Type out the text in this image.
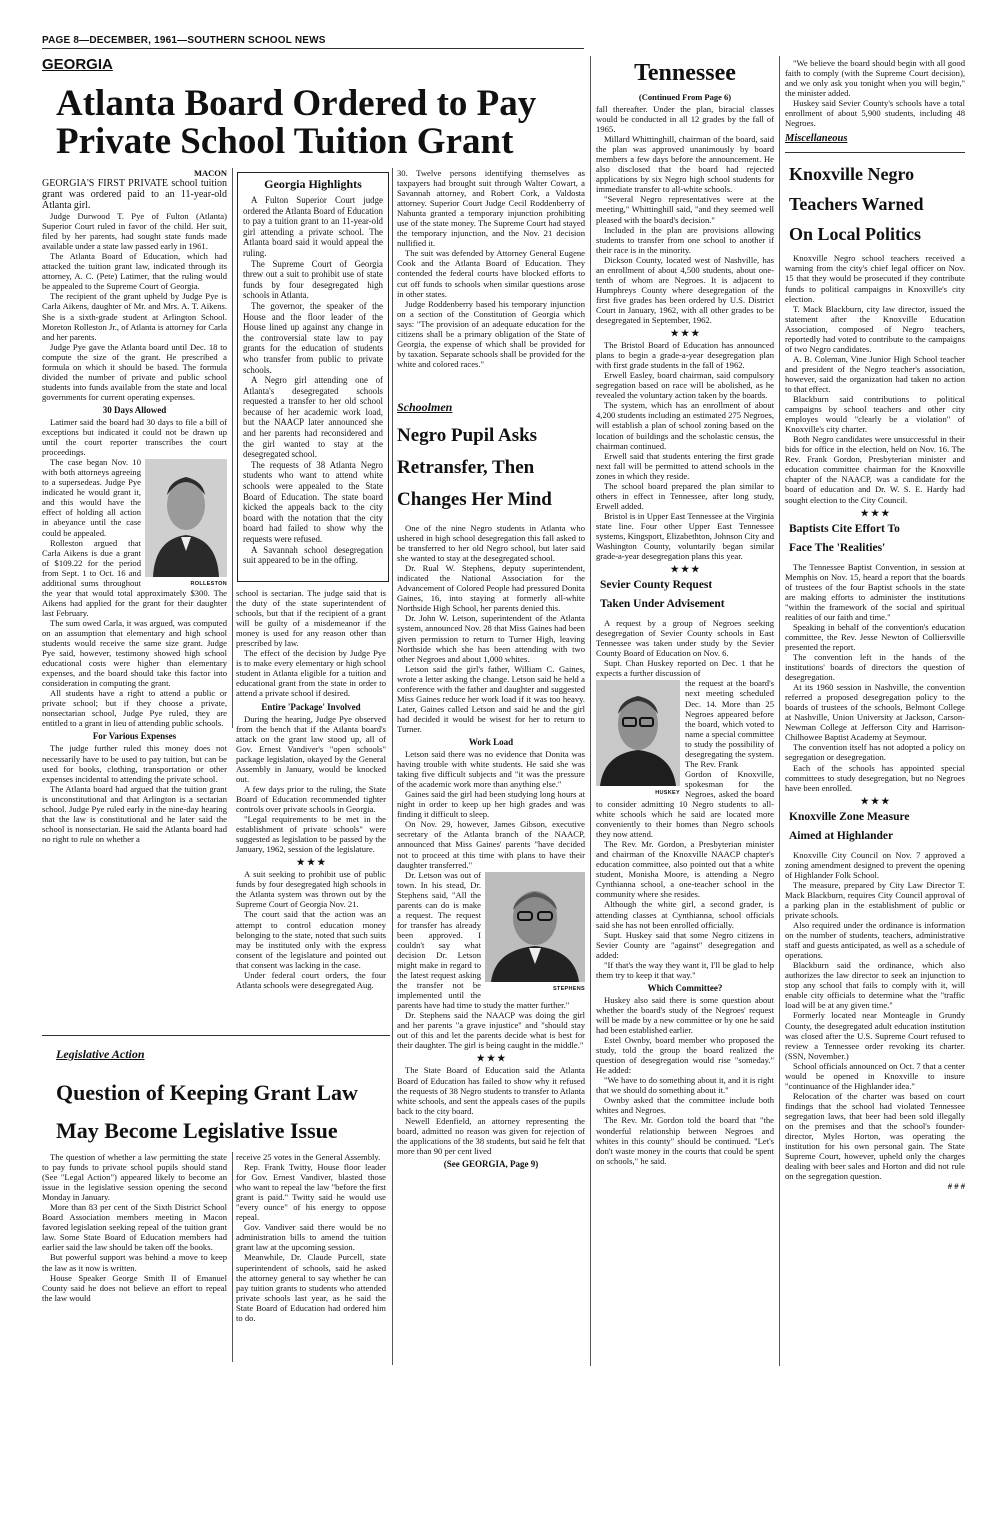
PAGE 8—DECEMBER, 1961—SOUTHERN SCHOOL NEWS
GEORGIA
Atlanta Board Ordered to Pay
Private School Tuition Grant
MACON

GEORGIA'S FIRST PRIVATE school tuition grant was ordered paid to an 11-year-old Atlanta girl.

Judge Durwood T. Pye of Fulton (Atlanta) Superior Court ruled in favor of the child. Her suit, filed by her parents, had sought state funds made available under a state law passed early in 1961.

The Atlanta Board of Education, which had attacked the tuition grant law, indicated through its attorney, A. C. (Pete) Latimer, that the ruling would be appealed to the Supreme Court of Georgia.

The recipient of the grant upheld by Judge Pye is Carla Aikens, daughter of Mr. and Mrs. A. T. Aikens. She is a sixth-grade student at Arlington School. Moreton Rolleston Jr., of Atlanta is attorney for Carla and her parents.

Judge Pye gave the Atlanta board until Dec. 18 to compute the size of the grant. He prescribed a formula on which it should be based. The formula divided the number of private and public school students into funds available from the state and local governments for current operating expenses.

30 Days Allowed

Latimer said the board had 30 days to file a bill of exceptions but indicated it could not be drawn up until the court reporter transcribes the court proceedings.

ROLLESTON

The case began Nov. 10 with both attorneys agreeing to a supersedeas. Judge Pye indicated he would grant it, and this would have the effect of holding all action in abeyance until the case could be appealed.

Rolleston argued that Carla Aikens is due a grant of $109.22 for the period from Sept. 1 to Oct. 16 and additional sums throughout the year that would total approximately $300. The Aikens had applied for the grant for their daughter last February.

The sum owed Carla, it was argued, was computed on an assumption that elementary and high school students would receive the same size grant. Judge Pye said, however, testimony showed high school educational costs were higher than elementary expenses, and the board should take this factor into consideration in computing the grant.

All students have a right to attend a public or private school; but if they choose a private, nonsectarian school, Judge Pye ruled, they are entitled to a grant in lieu of attending public schools.

For Various Expenses

The judge further ruled this money does not necessarily have to be used to pay tuition, but can be used for books, clothing, transportation or other expenses incidental to attending the private school.

The Atlanta board had argued that the tuition grant is unconstitutional and that Arlington is a sectarian school. Judge Pye ruled early in the nine-day hearing that the law is constitutional and he later said the school is nonsectarian. He said the Atlanta board had no right to rule on whether a

Georgia Highlights

A Fulton Superior Court judge ordered the Atlanta Board of Education to pay a tuition grant to an 11-year-old girl attending a private school. The Atlanta board said it would appeal the ruling.

The Supreme Court of Georgia threw out a suit to prohibit use of state funds by four desegregated high schools in Atlanta.

The governor, the speaker of the House and the floor leader of the House lined up against any change in the controversial state law to pay grants for the education of students who transfer from public to private schools.

A Negro girl attending one of Atlanta's desegregated schools requested a transfer to her old school because of her academic work load, but the NAACP later announced she and her parents had reconsidered and the girl wanted to stay at the desegregated school.

The requests of 38 Atlanta Negro students who want to attend white schools were appealed to the State Board of Education. The state board kicked the appeals back to the city board with the notation that the city board had failed to show why the requests were refused.

A Savannah school desegregation suit appeared to be in the offing.

school is sectarian. The judge said that is the duty of the state superintendent of schools, but that if the recipient of a grant will be guilty of a misdemeanor if the money is used for any reason other than prescribed by law.

The effect of the decision by Judge Pye is to make every elementary or high school student in Atlanta eligible for a tuition and educational grant from the state in order to attend a private school if desired.

Entire 'Package' Involved

During the hearing, Judge Pye observed from the bench that if the Atlanta board's attack on the grant law stood up, all of Gov. Ernest Vandiver's "open schools" package legislation, okayed by the General Assembly in January, would be knocked out.

A few days prior to the ruling, the State Board of Education recommended tighter controls over private schools in Georgia.

"Legal requirements to be met in the establishment of private schools" were suggested as legislation to be passed by the January, 1962, session of the legislature.

★ ★ ★

A suit seeking to prohibit use of public funds by four desegregated high schools in the Atlanta system was thrown out by the Supreme Court of Georgia Nov. 21.

The court said that the action was an attempt to control education money belonging to the state, noted that such suits may be instituted only with the express consent of the legislature and pointed out that consent was lacking in the case.

Under federal court orders, the four Atlanta schools were desegregated Aug.

30. Twelve persons identifying themselves as taxpayers had brought suit through Walter Cowart, a Savannah attorney, and Robert Cork, a Valdosta attorney. Superior Court Judge Cecil Roddenberry of Nahunta granted a temporary injunction prohibiting use of the state money. The Supreme Court had stayed the temporary injunction, and the Nov. 21 decision nullified it.

The suit was defended by Attorney General Eugene Cook and the Atlanta Board of Education. They contended the federal courts have blocked efforts to cut off funds to schools when similar questions arose in other states.

Judge Roddenberry based his temporary injunction on a section of the Constitution of Georgia which says: "The provision of an adequate education for the citizens shall be a primary obligation of the State of Georgia, the expense of which shall be provided for by taxation. Separate schools shall be provided for the white and colored races."

Schoolmen
Negro Pupil Asks
Retransfer, Then
Changes Her Mind

One of the nine Negro students in Atlanta who ushered in high school desegregation this fall asked to be transferred to her old Negro school, but later said she wanted to stay at the desegregated school.

Dr. Rual W. Stephens, deputy superintendent, indicated the National Association for the Advancement of Colored People had pressured Donita Gaines, 16, into staying at formerly all-white Northside High School, her parents denied this.

Dr. John W. Letson, superintendent of the Atlanta system, announced Nov. 28 that Miss Gaines had been given permission to return to Turner High, leaving Northside which she has been attending with two other Negroes and about 1,000 whites.

Letson said the girl's father, William C. Gaines, wrote a letter asking the change. Letson said he held a conference with the father and daughter and suggested Miss Gaines reduce her work load if it was too heavy. Later, Gaines called Letson and said he and the girl had decided it would be wisest for her to return to Turner.

Work Load

Letson said there was no evidence that Donita was having trouble with white students. He said she was taking five difficult subjects and "it was the pressure of the academic work more than anything else."

Gaines said the girl had been studying long hours at night in order to keep up her high grades and was finding it difficult to sleep.

On Nov. 29, however, James Gibson, executive secretary of the Atlanta branch of the NAACP, announced that Miss Gaines' parents "have decided not to proceed at this time with plans to have their daughter transferred."

STEPHENS

Dr. Letson was out of town. In his stead, Dr. Stephens said, "All the parents can do is make a request. The request for transfer has already been approved. I couldn't say what decision Dr. Letson might make in regard to the latest request asking the transfer not be implemented until the parents have had time to study the matter further."

Dr. Stephens said the NAACP was doing the girl and her parents "a grave injustice" and "should stay out of this and let the parents decide what is best for their daughter. The girl is being caught in the middle."

★ ★ ★

The State Board of Education said the Atlanta Board of Education has failed to show why it refused the requests of 38 Negro students to transfer to Atlanta white schools, and sent the appeals cases of the pupils back to the city board.

Newell Edenfield, an attorney representing the board, admitted no reason was given for rejection of the applications of the 38 students, but said he felt that more than 90 per cent lived

(See GEORGIA, Page 9)
Legislative Action
Question of Keeping Grant Law
May Become Legislative Issue

The question of whether a law permitting the state to pay funds to private school pupils should stand (See "Legal Action") appeared likely to become an issue in the legislative session opening the second Monday in January.

More than 83 per cent of the Sixth District School Board Association members meeting in Macon favored legislation seeking repeal of the tuition grant law. Some State Board of Education members had earlier said the law should be taken off the books.

But powerful support was behind a move to keep the law as it now is written.

House Speaker George Smith II of Emanuel County said he does not believe an effort to repeal the law would

receive 25 votes in the General Assembly.

Rep. Frank Twitty, House floor leader for Gov. Ernest Vandiver, blasted those who want to repeal the law "before the first grant is paid." Twitty said he would use "every ounce" of his energy to oppose repeal.

Gov. Vandiver said there would be no administration bills to amend the tuition grant law at the upcoming session.

Meanwhile, Dr. Claude Purcell, state superintendent of schools, said he asked the attorney general to say whether he can pay tuition grants to students who attended private schools last year, as he said the State Board of Education had ordered him to do.

Tennessee
(Continued From Page 6)

fall thereafter. Under the plan, biracial classes would be conducted in all 12 grades by the fall of 1965.

Millard Whittinghill, chairman of the board, said the plan was approved unanimously by board members a few days before the announcement. He also disclosed that the board had rejected applications by six Negro high school students for immediate transfer to all-white schools.

"Several Negro representatives were at the meeting," Whittinghill said, "and they seemed well pleased with the board's decision."

Included in the plan are provisions allowing students to transfer from one school to another if their race is in the minority.

Dickson County, located west of Nashville, has an enrollment of about 4,500 students, about one-tenth of whom are Negroes. It is adjacent to Humphreys County where desegregation of the first five grades has been ordered by U.S. District Court in January, 1962, with all other grades to be desegregated in September, 1962.

★ ★ ★

The Bristol Board of Education has announced plans to begin a grade-a-year desegregation plan with first grade students in the fall of 1962.

Erwell Easley, board chairman, said compulsory segregation based on race will be abolished, as he revealed the voluntary action taken by the boards.

The system, which has an enrollment of about 4,200 students including an estimated 275 Negroes, will establish a plan of school zoning based on the location of buildings and the scholastic census, the chairman continued.

Erwell said that students entering the first grade next fall will be permitted to attend schools in the zones in which they reside.

The school board prepared the plan similar to others in effect in Tennessee, after long study, Erwell added.

Bristol is in Upper East Tennessee at the Virginia state line. Four other Upper East Tennessee systems, Kingsport, Elizabethton, Johnson City and Washington County, voluntarily began similar grade-a-year desegregation plans this year.

★ ★ ★
Sevier County Request
Taken Under Advisement

A request by a group of Negroes seeking desegregation of Sevier County schools in East Tennessee was taken under study by the Sevier County Board of Education on Nov. 6.

Supt. Chan Huskey reported on Dec. 1 that he expects a further discussion of

HUSKEY

the request at the board's next meeting scheduled Dec. 14. More than 25 Negroes appeared before the board, which voted to name a special committee to study the possibility of desegregating the system. The Rev. Frank

Gordon of Knoxville, spokesman for the Negroes, asked the board to consider admitting 10 Negro students to all-white schools which he said are located more conveniently to their homes than Negro schools they now attend.

The Rev. Mr. Gordon, a Presbyterian minister and chairman of the Knoxville NAACP chapter's education committee, also pointed out that a white student, Monisha Moore, is attending a Negro Cynthianna school, a one-teacher school in the community where she resides.

Although the white girl, a second grader, is attending classes at Cynthianna, school officials said she has not been enrolled officially.

Supt. Huskey said that some Negro citizens in Sevier County are "against" desegregation and added:

"If that's the way they want it, I'll be glad to help them try to keep it that way."

Which Committee?

Huskey also said there is some question about whether the board's study of the Negroes' request will be made by a new committee or by one he said had been established earlier.

Estel Ownby, board member who proposed the study, told the group the board realized the question of desegregation would rise "someday." He added:

"We have to do something about it, and it is right that we should do something about it."

Ownby asked that the committee include both whites and Negroes.

The Rev. Mr. Gordon told the board that "the wonderful relationship between Negroes and whites in this county" should be continued. "Let's don't waste money in the courts that could be spent on schools," he said.

"We believe the board should begin with all good faith to comply (with the Supreme Court decision), and we only ask you tonight when you will begin," the minister added.

Huskey said Sevier County's schools have a total enrollment of about 5,900 students, including 48 Negroes.

Miscellaneous
Knoxville Negro
Teachers Warned
On Local Politics

Knoxville Negro school teachers received a warning from the city's chief legal officer on Nov. 15 that they would be prosecuted if they contribute funds to political campaigns in Knoxville's city election.

T. Mack Blackburn, city law director, issued the statement after the Knoxville Education Association, composed of Negro teachers, reportedly had voted to contribute to the campaigns of two Negro candidates.

A. B. Coleman, Vine Junior High School teacher and president of the Negro teacher's association, however, said the organization had taken no action to that effect.

Blackburn said contributions to political campaigns by school teachers and other city employes would "clearly be a violation" of Knoxville's city charter.

Both Negro candidates were unsuccessful in their bids for office in the election, held on Nov. 16. The Rev. Frank Gordon, Presbyterian minister and education committee chairman for the Knoxville chapter of the NAACP, was a candidate for the board of education and Dr. W. S. E. Hardy had sought election to the City Council.

★ ★ ★
Baptists Cite Effort To
Face The 'Realities'

The Tennessee Baptist Convention, in session at Memphis on Nov. 15, heard a report that the boards of trustees of the four Baptist schools in the state are making efforts to administer the institutions "within the framework of the social and spiritual realities of our faith and time."

Speaking in behalf of the convention's education committee, the Rev. Jesse Newton of Colliersville presented the report.

The convention left in the hands of the institutions' boards of directors the question of desegregation.

At its 1960 session in Nashville, the convention referred a proposed desegregation policy to the boards of trustees of the schools, Belmont College at Nashville, Union University at Jackson, Carson-Newman College at Jefferson City and Harrison-Chilhowee Baptist Academy at Seymour.

The convention itself has not adopted a policy on segregation or desegregation.

Each of the schools has appointed special committees to study desegregation, but no Negroes have been enrolled.

★ ★ ★
Knoxville Zone Measure
Aimed at Highlander

Knoxville City Council on Nov. 7 approved a zoning amendment designed to prevent the opening of Highlander Folk School.

The measure, prepared by City Law Director T. Mack Blackburn, requires City Council approval of a parking plan in the establishment of public or private schools.

Also required under the ordinance is information on the number of students, teachers, administrative staff and guests anticipated, as well as a schedule of operations.

Blackburn said the ordinance, which also authorizes the law director to seek an injunction to stop any school that fails to comply with it, will enable city officials to determine what the "traffic load will be at any given time."

Formerly located near Monteagle in Grundy County, the desegregated adult education institution was closed after the U.S. Supreme Court refused to review a Tennessee order revoking its charter. (SSN, November.)

School officials announced on Oct. 7 that a center would be opened in Knoxville to insure "continuance of the Highlander idea."

Relocation of the charter was based on court findings that the school had violated Tennessee segregation laws, that beer had been sold illegally on the premises and that the school's founder-director, Myles Horton, was operating the institution for his own personal gain. The State Supreme Court, however, upheld only the charges dealing with beer sales and Horton and did not rule on the segregation question.

# # #
